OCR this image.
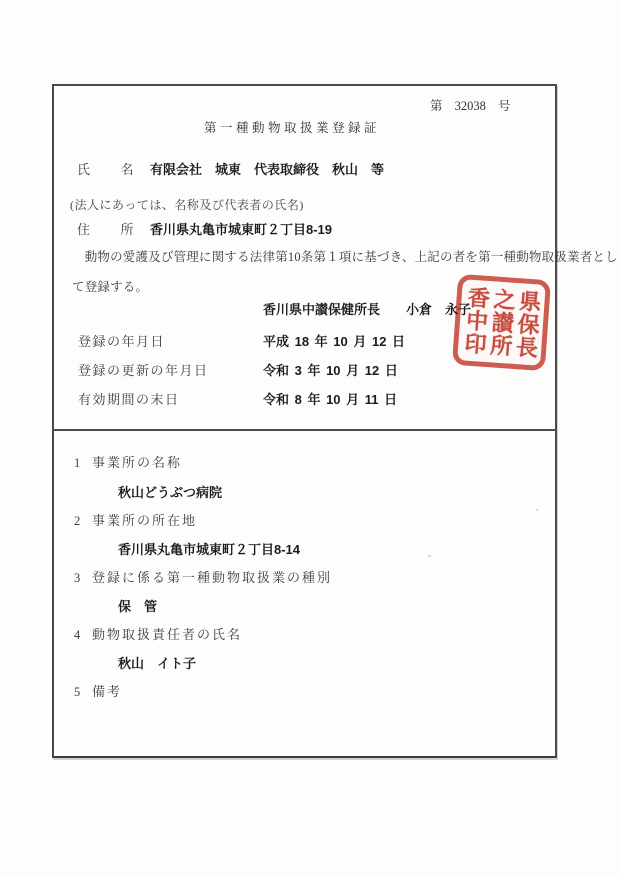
第 32038 号
第一種動物取扱業登録証
氏　　名 有限会社　城東　代表取締役　秋山　等
(法人にあっては、名称及び代表者の氏名)
住　　所 香川県丸亀市城東町２丁目8-19
　動物の愛護及び管理に関する法律第10条第１項に基づき、上記の者を第一種動物取扱業者とし
て登録する。
香川県中讃保健所長　　小倉　永子 県保長
之讃所
香中印
登録の年月日	平成 18 年 10 月 12 日
登録の更新の年月日	令和 3 年 10 月 12 日
有効期間の末日	令和 8 年 10 月 11 日
1 事業所の名称
秋山どうぶつ病院
2 事業所の所在地
香川県丸亀市城東町２丁目8-14
3 登録に係る第一種動物取扱業の種別
保　管
4 動物取扱責任者の氏名
秋山　イト子
5 備考
